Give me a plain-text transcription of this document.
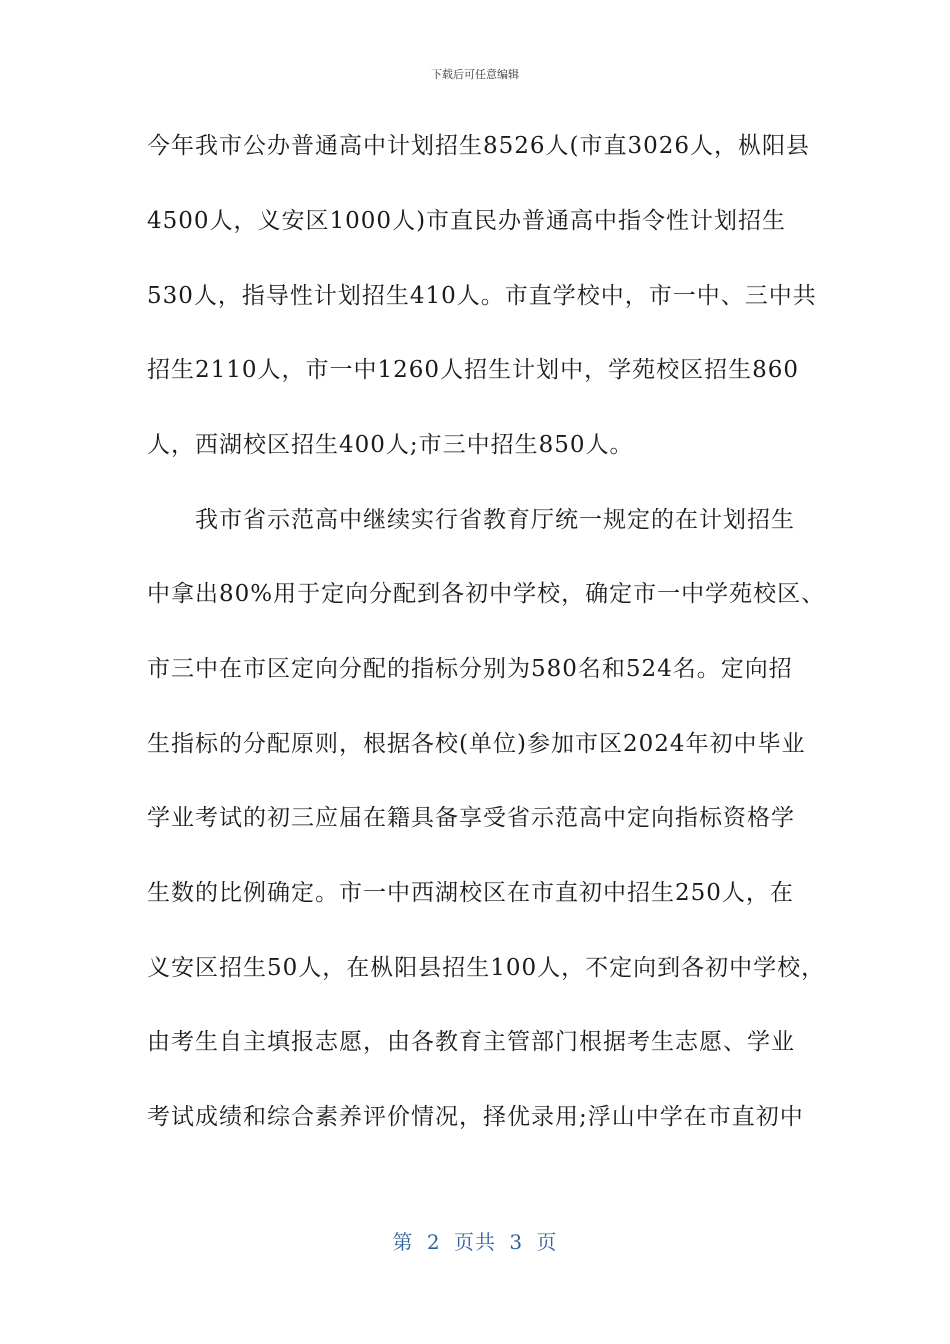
下载后可任意编辑
今年我市公办普通高中计划招生8526人(市直3026人，枞阳县
4500人，义安区1000人)市直民办普通高中指令性计划招生
530人，指导性计划招生410人。市直学校中，市一中、三中共
招生2110人，市一中1260人招生计划中，学苑校区招生860
人，西湖校区招生400人;市三中招生850人。
　　我市省示范高中继续实行省教育厅统一规定的在计划招生
中拿出80%用于定向分配到各初中学校，确定市一中学苑校区、
市三中在市区定向分配的指标分别为580名和524名。定向招
生指标的分配原则，根据各校(单位)参加市区2024年初中毕业
学业考试的初三应届在籍具备享受省示范高中定向指标资格学
生数的比例确定。市一中西湖校区在市直初中招生250人，在
义安区招生50人，在枞阳县招生100人，不定向到各初中学校，
由考生自主填报志愿，由各教育主管部门根据考生志愿、学业
考试成绩和综合素养评价情况，择优录用;浮山中学在市直初中
第 2 页共 3 页
